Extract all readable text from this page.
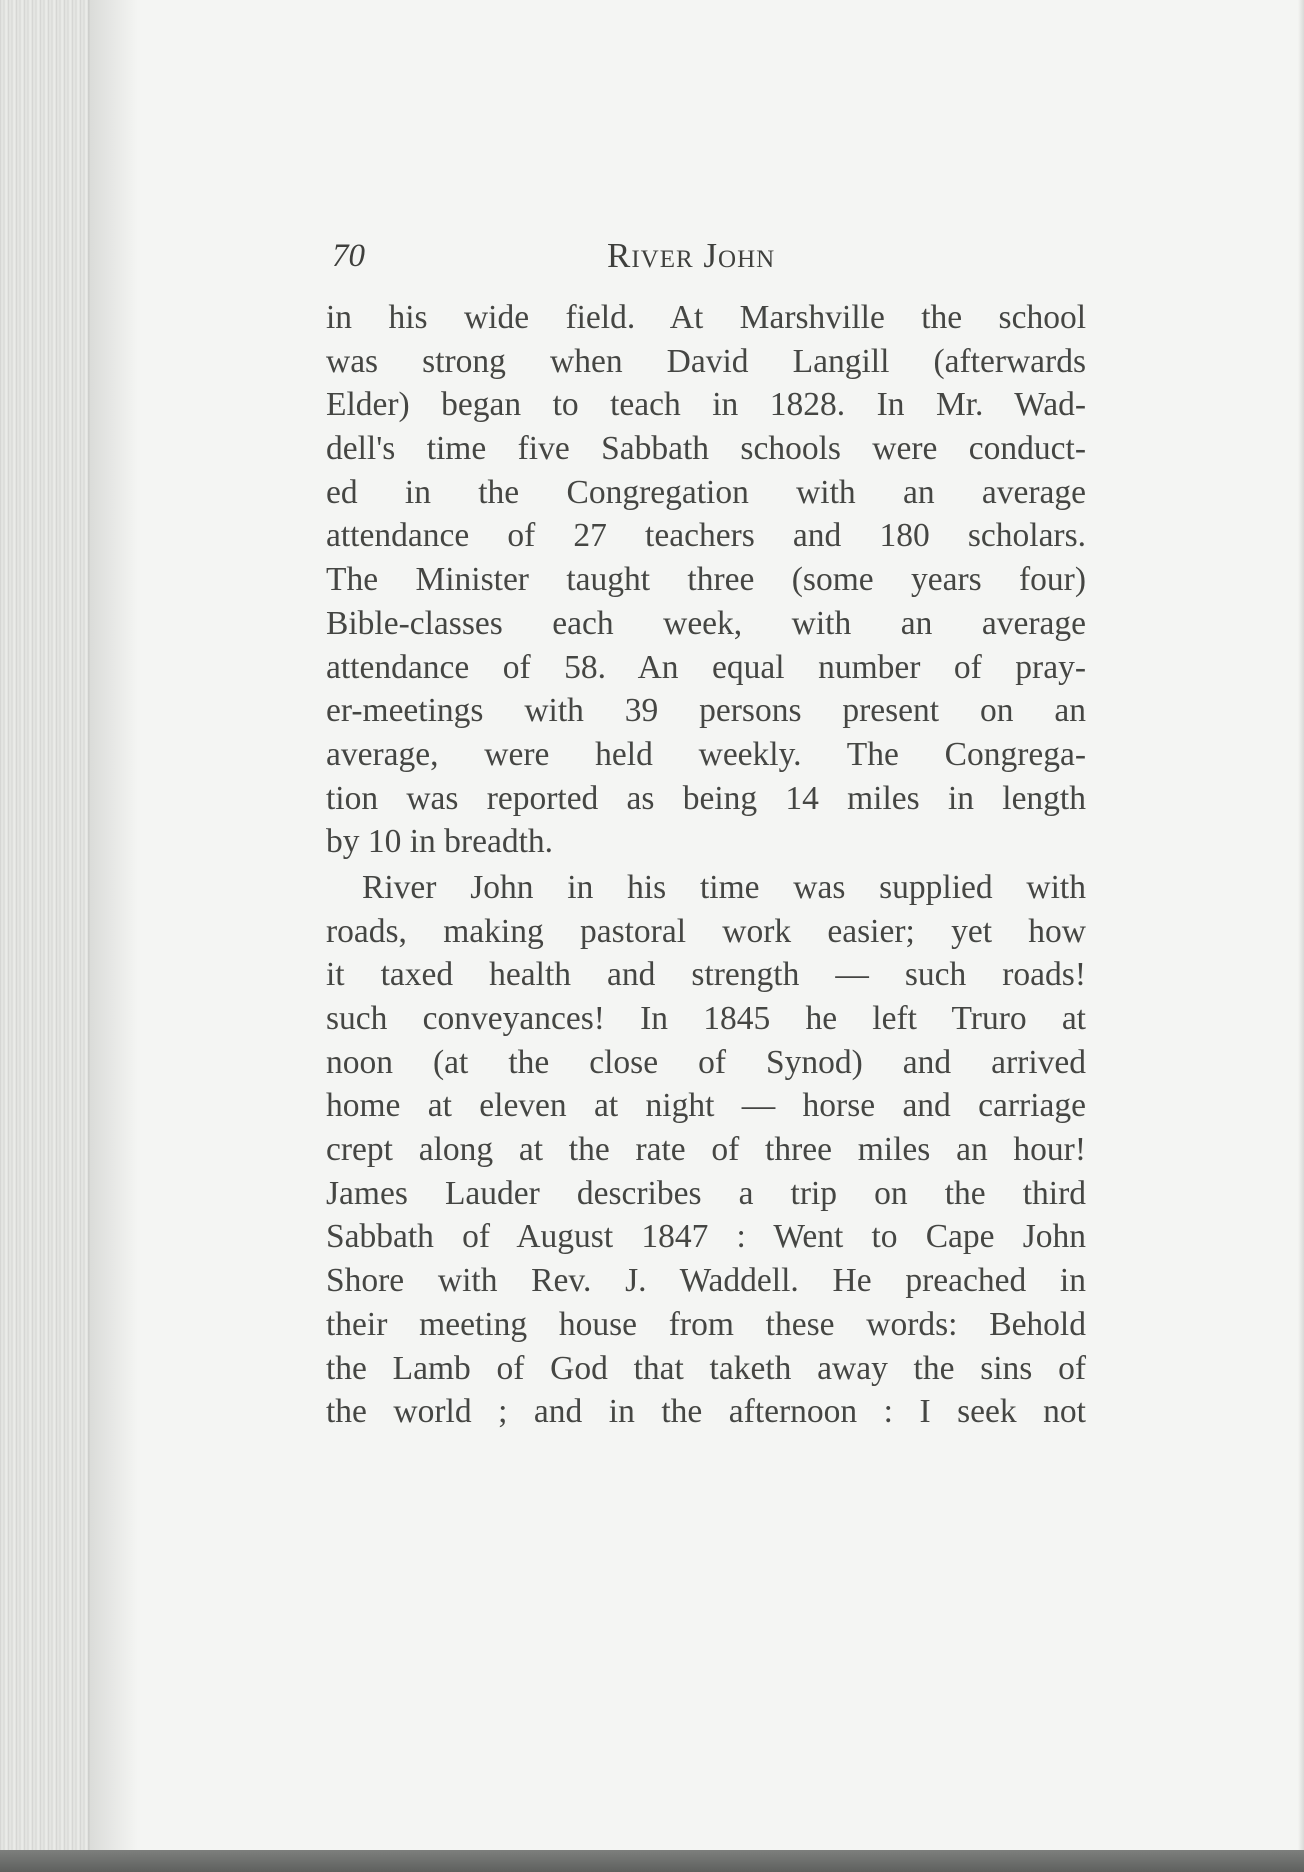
70	River John
in his wide field. At Marshville the school
was strong when David Langill (afterwards
Elder) began to teach in 1828. In Mr. Wad-
dell's time five Sabbath schools were conduct-
ed in the Congregation with an average
attendance of 27 teachers and 180 scholars.
The Minister taught three (some years four)
Bible-classes each week, with an average
attendance of 58. An equal number of pray-
er-meetings with 39 persons present on an
average, were held weekly. The Congrega-
tion was reported as being 14 miles in length
by 10 in breadth.
River John in his time was supplied with
roads, making pastoral work easier; yet how
it taxed health and strength — such roads!
such conveyances! In 1845 he left Truro at
noon (at the close of Synod) and arrived
home at eleven at night — horse and carriage
crept along at the rate of three miles an hour!
James Lauder describes a trip on the third
Sabbath of August 1847 : Went to Cape John
Shore with Rev. J. Waddell. He preached in
their meeting house from these words: Behold
the Lamb of God that taketh away the sins of
the world ; and in the afternoon : I seek not
